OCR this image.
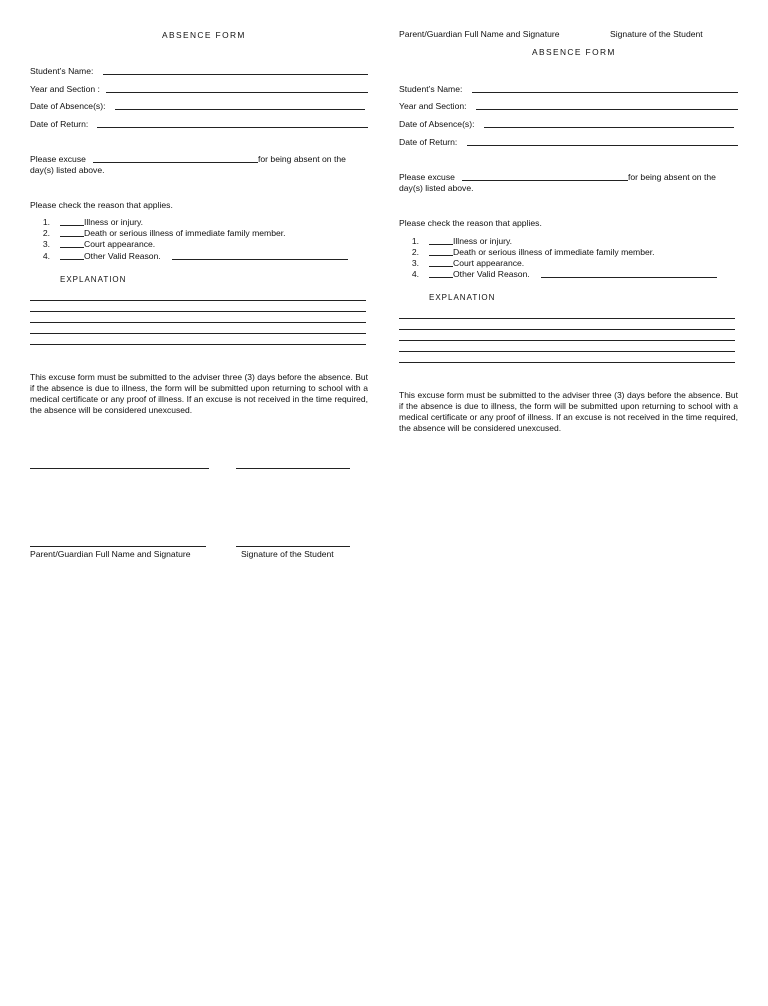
ABSENCE FORM
Student’s Name:
Year and Section :
Date of Absence(s):
Date of Return:
Please excuse	for being absent on the
day(s) listed above.
Please check the reason that applies.
1.	Illness or injury.
2.	Death or serious illness of immediate family member.
3.	Court appearance.
4.	Other Valid Reason.
EXPLANATION
This excuse form must be submitted to the adviser three (3) days before the absence. But if the absence is due to illness, the form will be submitted upon returning to school with a medical certificate or any proof of illness. If an excuse is not received in the time required, the absence will be considered unexcused.
Parent/Guardian Full Name and Signature	Signature of the Student
Parent/Guardian Full Name and Signature	Signature of the Student
ABSENCE FORM
Student’s Name:
Year and Section:
Date of Absence(s):
Date of Return:
Please excuse	for being absent on the
day(s) listed above.
Please check the reason that applies.
1.	Illness or injury.
2.	Death or serious illness of immediate family member.
3.	Court appearance.
4.	Other Valid Reason.
EXPLANATION
This excuse form must be submitted to the adviser three (3) days before the absence. But if the absence is due to illness, the form will be submitted upon returning to school with a medical certificate or any proof of illness. If an excuse is not received in the time required, the absence will be considered unexcused.
